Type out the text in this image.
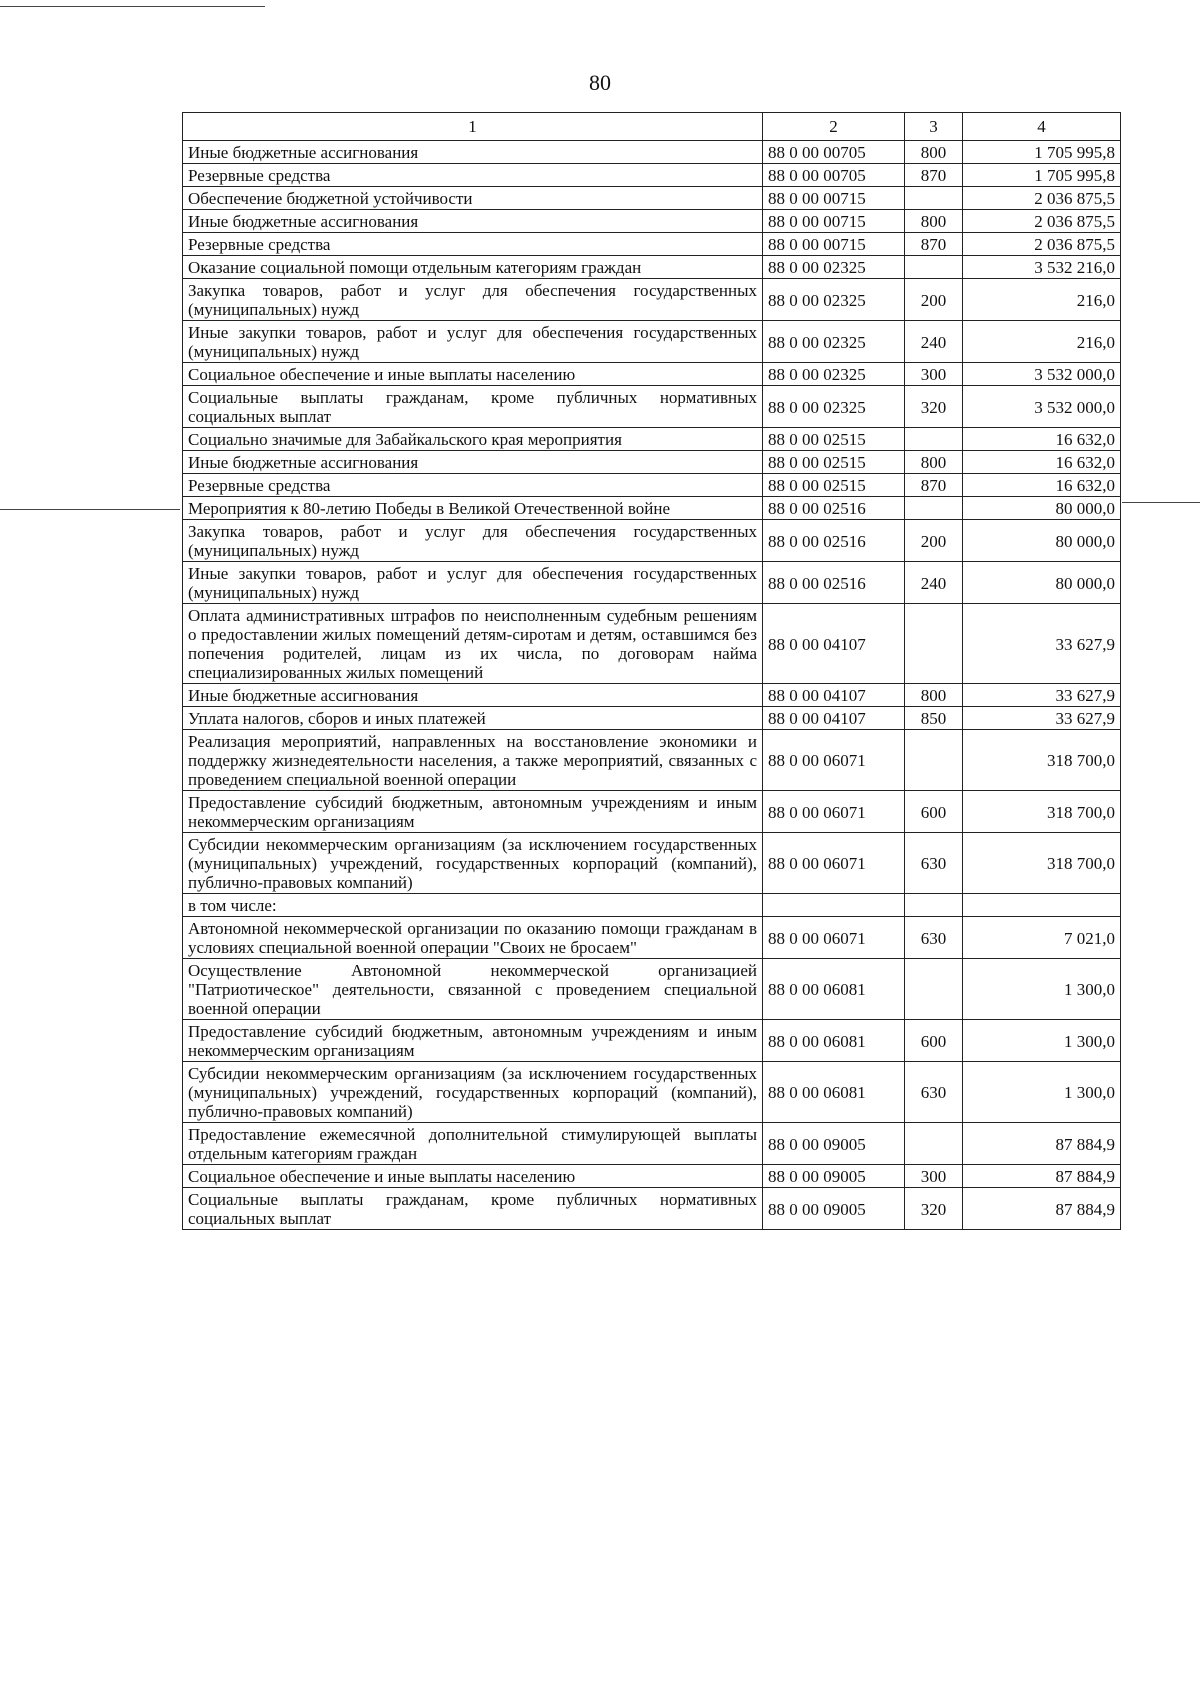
80
1	2	3	4
Иные бюджетные ассигнования	88 0 00 00705	800	1 705 995,8
Резервные средства	88 0 00 00705	870	1 705 995,8
Обеспечение бюджетной устойчивости	88 0 00 00715		2 036 875,5
Иные бюджетные ассигнования	88 0 00 00715	800	2 036 875,5
Резервные средства	88 0 00 00715	870	2 036 875,5
Оказание социальной помощи отдельным категориям граждан	88 0 00 02325		3 532 216,0
Закупка товаров, работ и услуг для обеспечения государственных (муниципальных) нужд	88 0 00 02325	200	216,0
Иные закупки товаров, работ и услуг для обеспечения государственных (муниципальных) нужд	88 0 00 02325	240	216,0
Социальное обеспечение и иные выплаты населению	88 0 00 02325	300	3 532 000,0
Социальные выплаты гражданам, кроме публичных нормативных социальных выплат	88 0 00 02325	320	3 532 000,0
Социально значимые для Забайкальского края мероприятия	88 0 00 02515		16 632,0
Иные бюджетные ассигнования	88 0 00 02515	800	16 632,0
Резервные средства	88 0 00 02515	870	16 632,0
Мероприятия к 80-летию Победы в Великой Отечественной войне	88 0 00 02516		80 000,0
Закупка товаров, работ и услуг для обеспечения государственных (муниципальных) нужд	88 0 00 02516	200	80 000,0
Иные закупки товаров, работ и услуг для обеспечения государственных (муниципальных) нужд	88 0 00 02516	240	80 000,0
Оплата административных штрафов по неисполненным судебным решениям о предоставлении жилых помещений детям-сиротам и детям, оставшимся без попечения родителей, лицам из их числа, по договорам найма специализированных жилых помещений	88 0 00 04107		33 627,9
Иные бюджетные ассигнования	88 0 00 04107	800	33 627,9
Уплата налогов, сборов и иных платежей	88 0 00 04107	850	33 627,9
Реализация мероприятий, направленных на восстановление экономики и поддержку жизнедеятельности населения, а также мероприятий, связанных с проведением специальной военной операции	88 0 00 06071		318 700,0
Предоставление субсидий бюджетным, автономным учреждениям и иным некоммерческим организациям	88 0 00 06071	600	318 700,0
Субсидии некоммерческим организациям (за исключением государственных (муниципальных) учреждений, государственных корпораций (компаний), публично-правовых компаний)	88 0 00 06071	630	318 700,0
в том числе:			
Автономной некоммерческой организации по оказанию помощи гражданам в условиях специальной военной операции "Своих не бросаем"	88 0 00 06071	630	7 021,0
Осуществление Автономной некоммерческой организацией "Патриотическое" деятельности, связанной с проведением специальной военной операции	88 0 00 06081		1 300,0
Предоставление субсидий бюджетным, автономным учреждениям и иным некоммерческим организациям	88 0 00 06081	600	1 300,0
Субсидии некоммерческим организациям (за исключением государственных (муниципальных) учреждений, государственных корпораций (компаний), публично-правовых компаний)	88 0 00 06081	630	1 300,0
Предоставление ежемесячной дополнительной стимулирующей выплаты отдельным категориям граждан	88 0 00 09005		87 884,9
Социальное обеспечение и иные выплаты населению	88 0 00 09005	300	87 884,9
Социальные выплаты гражданам, кроме публичных нормативных социальных выплат	88 0 00 09005	320	87 884,9
